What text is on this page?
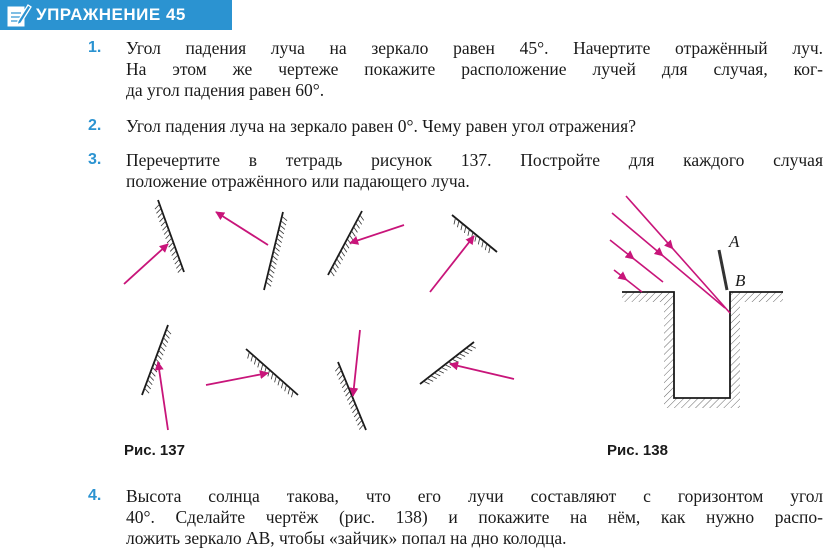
УПРАЖНЕНИЕ 45
1. Угол падения луча на зеркало равен 45°. Начертите отражённый луч.
На этом же чертеже покажите расположение лучей для случая, ког-
да угол падения равен 60°.

2. Угол падения луча на зеркало равен 0°. Чему равен угол отражения?

3. Перечертите в тетрадь рисунок 137. Постройте для каждого случая
положение отражённого или падающего луча.

A
B
Рис. 137	Рис. 138
4. Высота солнца такова, что его лучи составляют с горизонтом угол
40°. Сделайте чертёж (рис. 138) и покажите на нём, как нужно распо-
ложить зеркало AB, чтобы «зайчик» попал на дно колодца.
